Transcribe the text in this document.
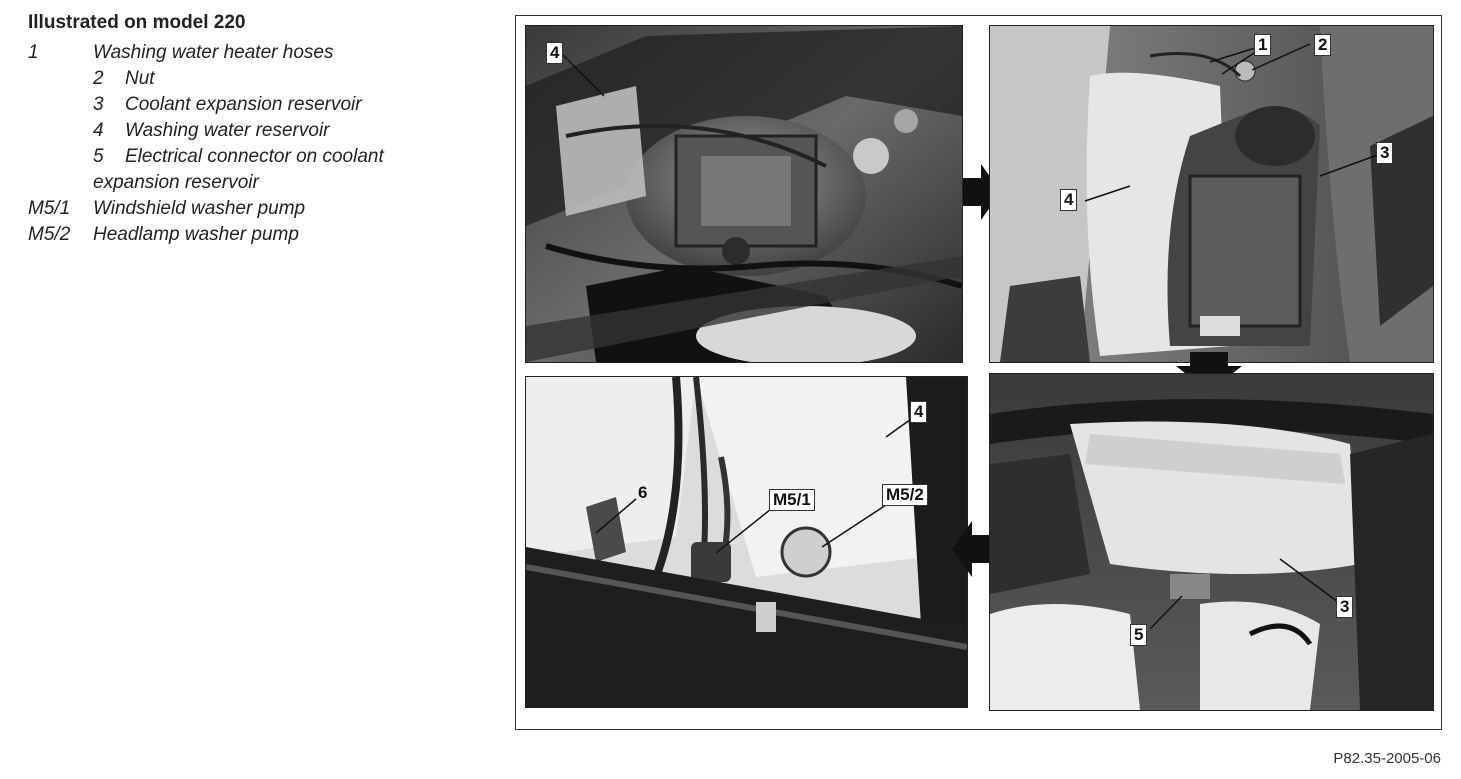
Illustrated on model 220
1	Washing water heater hoses
2 Nut
3 Coolant expansion reservoir
4 Washing water reservoir
5 Electrical connector on coolant
expansion reservoir
M5/1 Windshield washer pump
M5/2 Headlamp washer pump
4	1	2
3
4
6	M5/1	M5/2
4
3
5
P82.35-2005-06
